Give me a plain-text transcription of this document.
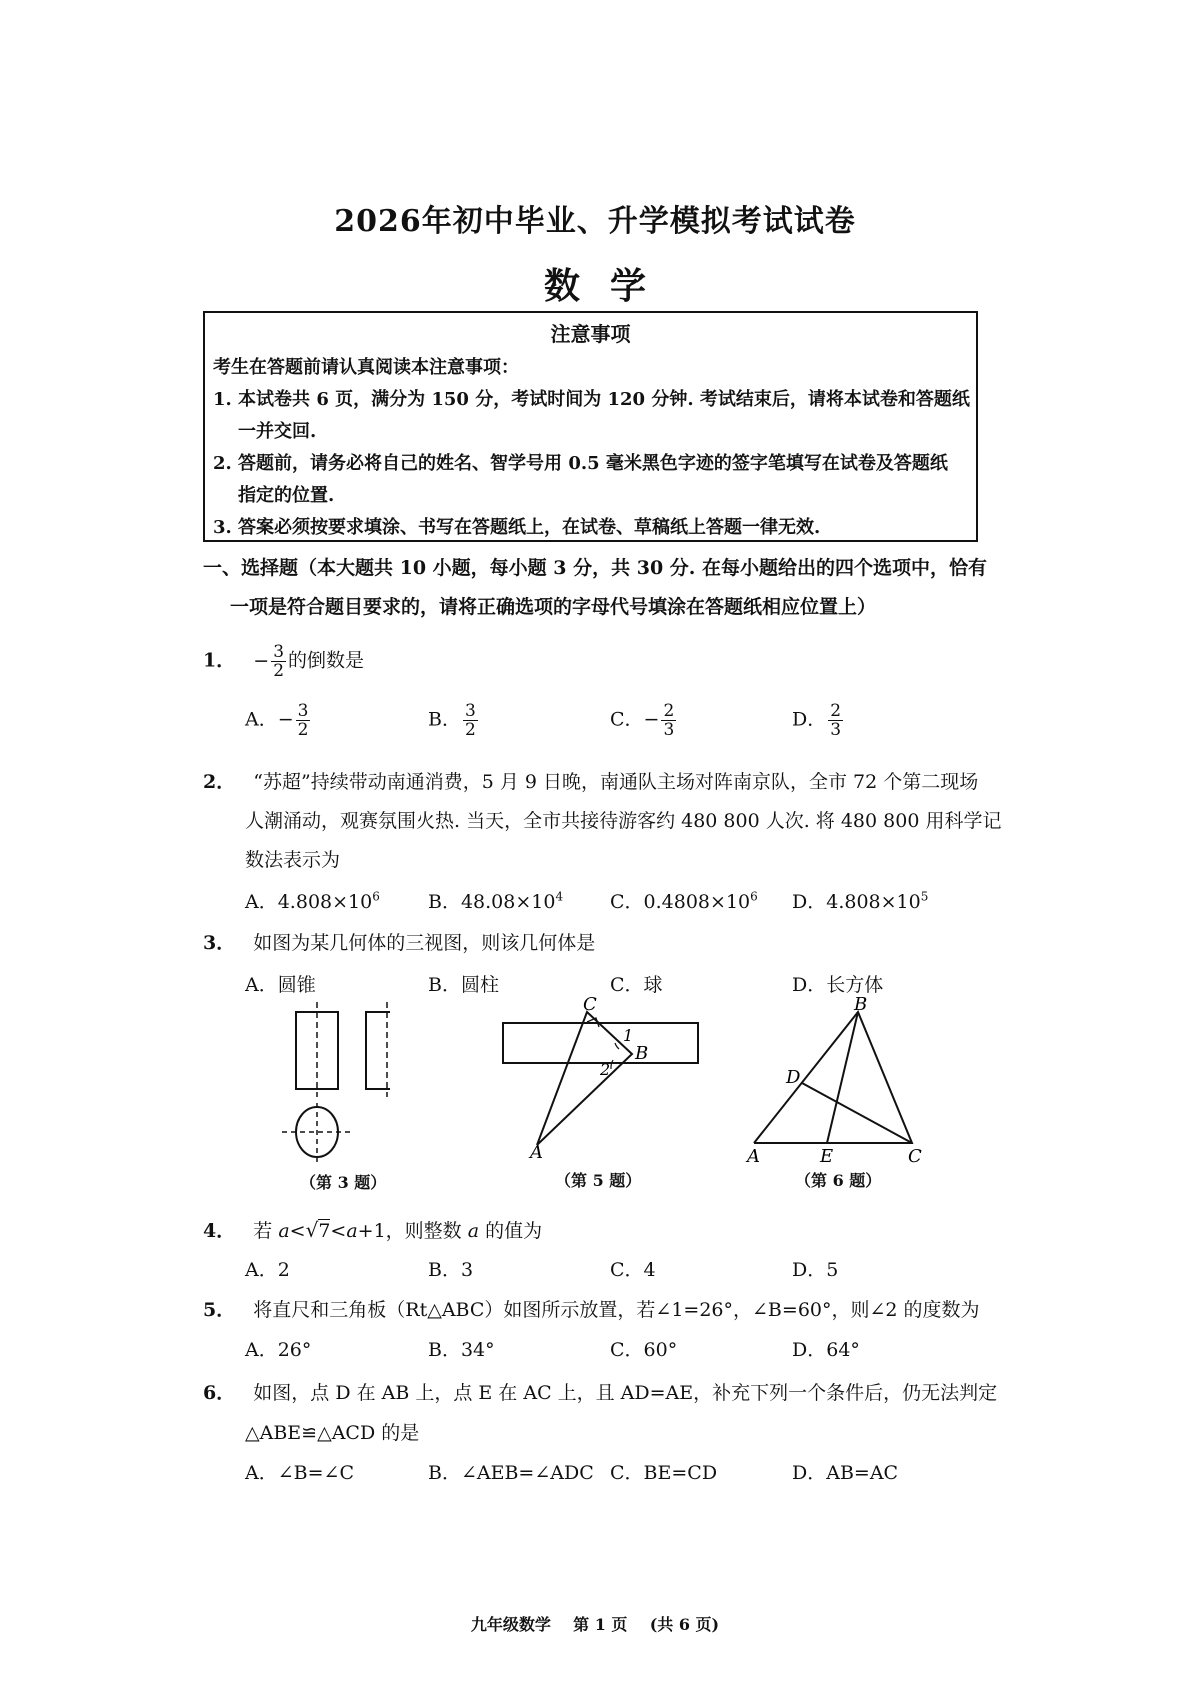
2026年初中毕业、升学模拟考试试卷
数学
注意事项
考生在答题前请认真阅读本注意事项：
1. 本试卷共 6 页，满分为 150 分，考试时间为 120 分钟. 考试结束后，请将本试卷和答题纸
一并交回.
2. 答题前，请务必将自己的姓名、智学号用 0.5 毫米黑色字迹的签字笔填写在试卷及答题纸
指定的位置.
3. 答案必须按要求填涂、书写在答题纸上，在试卷、草稿纸上答题一律无效.
一、选择题（本大题共 10 小题，每小题 3 分，共 30 分. 在每小题给出的四个选项中，恰有
一项是符合题目要求的，请将正确选项的字母代号填涂在答题纸相应位置上）
1． − $\frac{3}{2}$ 的倒数是
A．− $\frac{3}{2}$	B． $\frac{3}{2}$	C．− $\frac{2}{3}$	D． $\frac{2}{3}$
2． “苏超”持续带动南通消费，5 月 9 日晚，南通队主场对阵南京队，全市 72 个第二现场
人潮涌动，观赛氛围火热. 当天，全市共接待游客约 480 800 人次. 将 480 800 用科学记
数法表示为
A．$4.808\times 10^6$	B．$48.08\times 10^4$ C．$0.4808\times 10^6$ D．$4.808\times 10^5$
3． 如图为某几何体的三视图，则该几何体是
A．圆锥	B．圆柱	C．球	D．长方体
（第 3 题）
C
B
A
1
2
（第 5 题）
B
D
A	E	C
（第 6 题）
4． 若 a<√7<a+1，则整数 a 的值为
A．2	B．3	C．4	D．5
5． 将直尺和三角板（Rt△ABC）如图所示放置，若∠1=26°，∠B=60°，则∠2 的度数为
A．26°	B．34°	C．60°	D．64°
6． 如图，点 D 在 AB 上，点 E 在 AC 上，且 AD=AE，补充下列一个条件后，仍无法判定
△ABE≌△ACD 的是
A．∠B=∠C	B．∠AEB=∠ADC C．BE=CD	D．AB=AC
九年级数学    第 1 页    (共 6 页)
